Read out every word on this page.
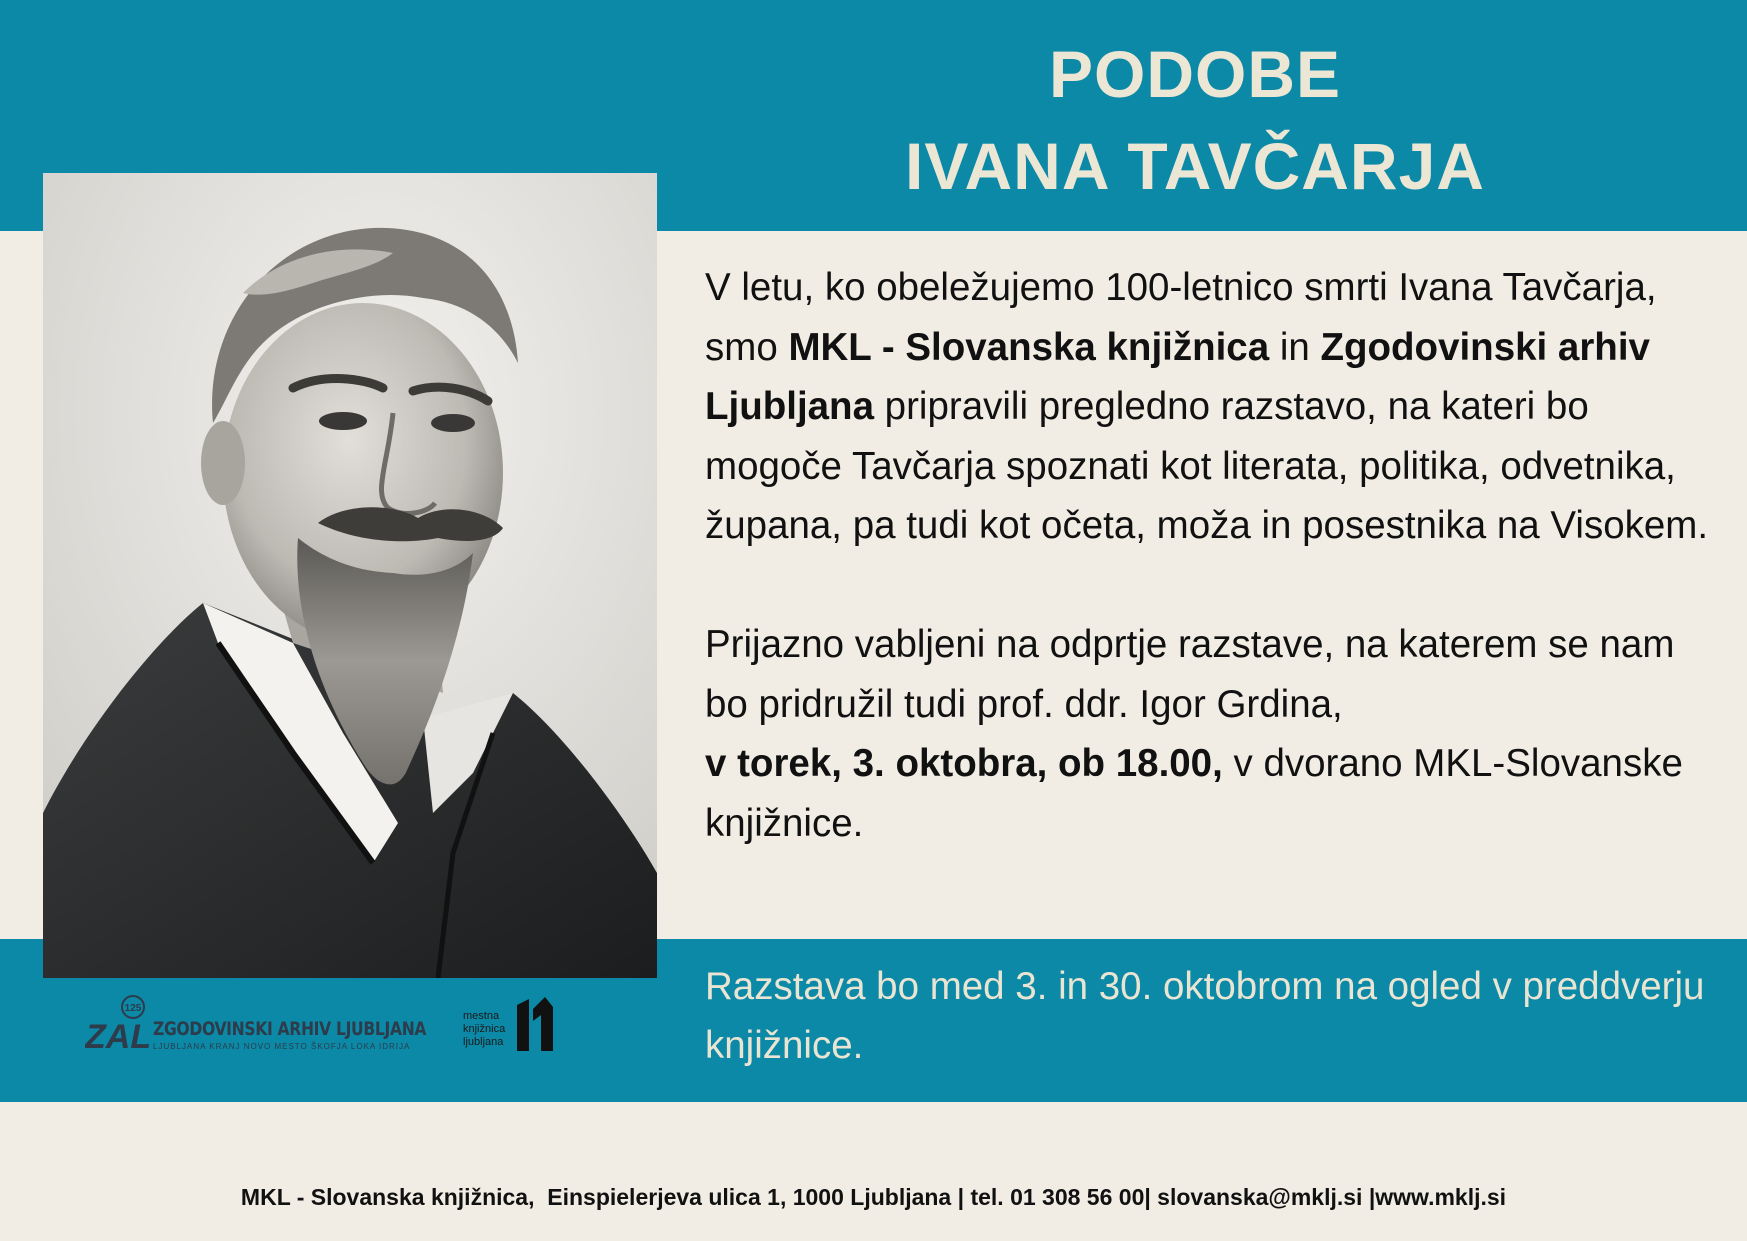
PODOBE
IVANA TAVČARJA
125
ZAL ZGODOVINSKI ARHIV LJUBLJANA
LJUBLJANA KRANJ NOVO MESTO ŠKOFJA LOKA IDRIJA
mestna
knjižnica
ljubljana

V letu, ko obeležujemo 100-letnico smrti Ivana Tavčarja, smo MKL - Slovanska knjižnica in Zgodovinski arhiv Ljubljana pripravili pregledno razstavo, na kateri bo mogoče Tavčarja spoznati kot literata, politika, odvetnika, župana, pa tudi kot očeta, moža in posestnika na Visokem.

Prijazno vabljeni na odprtje razstave, na katerem se nam bo pridružil tudi prof. ddr. Igor Grdina,
v torek, 3. oktobra, ob 18.00, v dvorano MKL-Slovanske knjižnice.

Razstava bo med 3. in 30. oktobrom na ogled v preddverju knjižnice.
MKL - Slovanska knjižnica,  Einspielerjeva ulica 1, 1000 Ljubljana | tel. 01 308 56 00| slovanska@mklj.si |www.mklj.si
